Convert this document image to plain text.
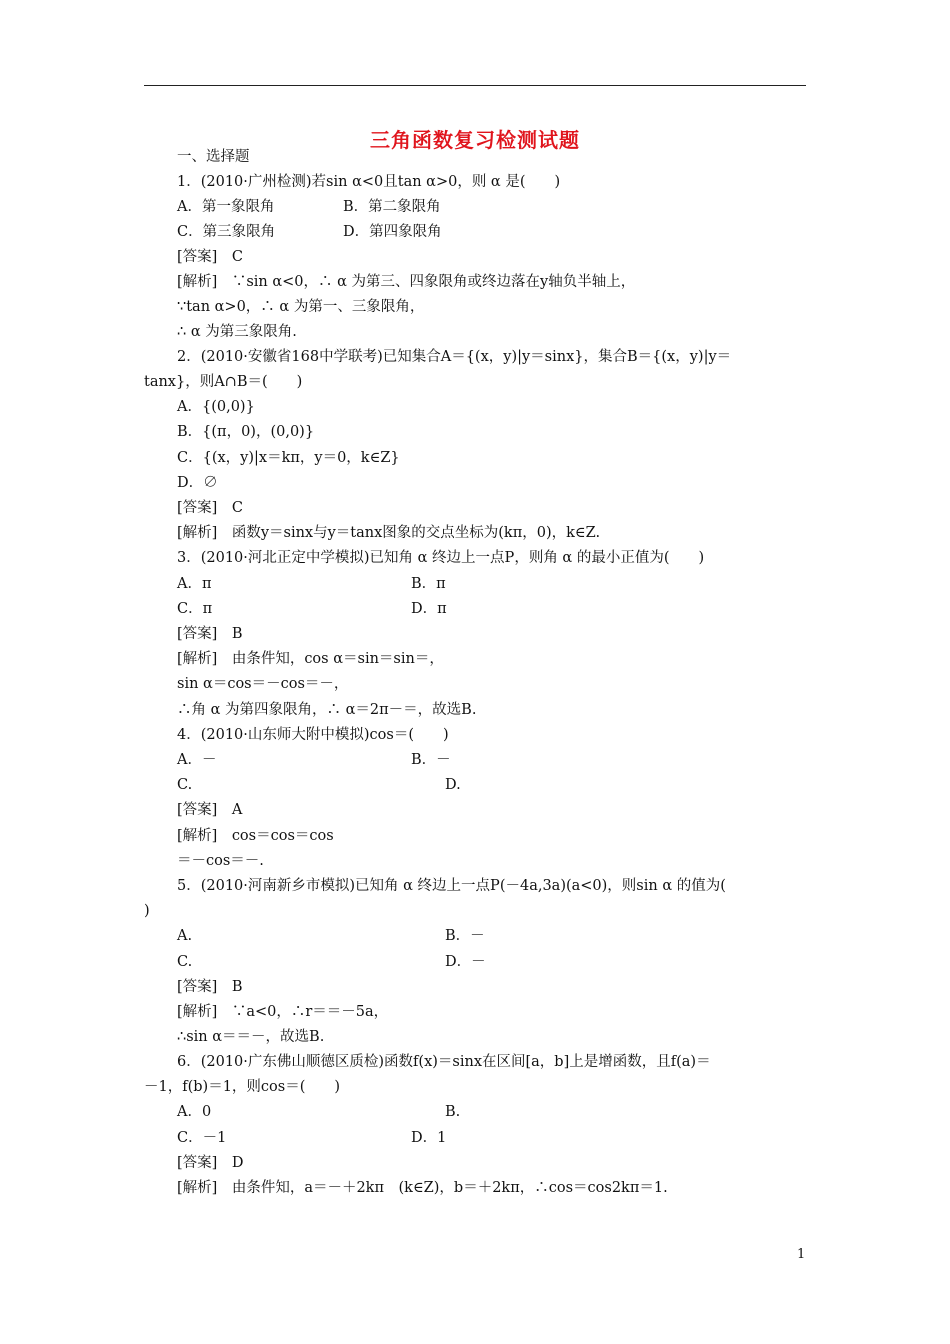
三角函数复习检测试题
一、选择题
1．(2010·广州检测)若sin α<0且tan α>0，则 α 是(　　)
A．第一象限角	B．第二象限角
C．第三象限角	D．第四象限角
[答案]　C
[解析]　∵sin α<0，∴ α 为第三、四象限角或终边落在y轴负半轴上，
∵tan α>0，∴ α 为第一、三象限角，
∴ α 为第三象限角.
2．(2010·安徽省168中学联考)已知集合A＝{(x，y)|y＝sinx}，集合B＝{(x，y)|y＝
tanx}，则A∩B＝(　　)
A．{(0,0)}
B．{(π，0)，(0,0)}
C．{(x，y)|x＝kπ，y＝0，k∈Z}
D．∅
[答案]　C
[解析]　函数y＝sinx与y＝tanx图象的交点坐标为(kπ，0)，k∈Z.
3．(2010·河北正定中学模拟)已知角 α 终边上一点P，则角 α 的最小正值为(　　)
A．π	B．π
C．π	D．π
[答案]　B
[解析]　由条件知，cos α＝sin＝sin＝，
sin α＝cos＝－cos＝－，
∴角 α 为第四象限角，∴ α＝2π－＝，故选B.
4．(2010·山东师大附中模拟)cos＝(　　)
A．－	B．－
C.	D.
[答案]　A
[解析]　cos＝cos＝cos
＝－cos＝－.
5．(2010·河南新乡市模拟)已知角 α 终边上一点P(－4a,3a)(a<0)，则sin α 的值为(
)
A.	B．－
C.	D．－
[答案]　B
[解析]　∵a<0，∴r＝＝－5a，
∴sin α＝＝－，故选B.
6．(2010·广东佛山顺德区质检)函数f(x)＝sinx在区间[a，b]上是增函数，且f(a)＝
－1，f(b)＝1，则cos＝(　　)
A．0	B.
C．－1	D．1
[答案]　D
[解析]　由条件知，a＝－＋2kπ　(k∈Z)，b＝＋2kπ，∴cos＝cos2kπ＝1.
1
